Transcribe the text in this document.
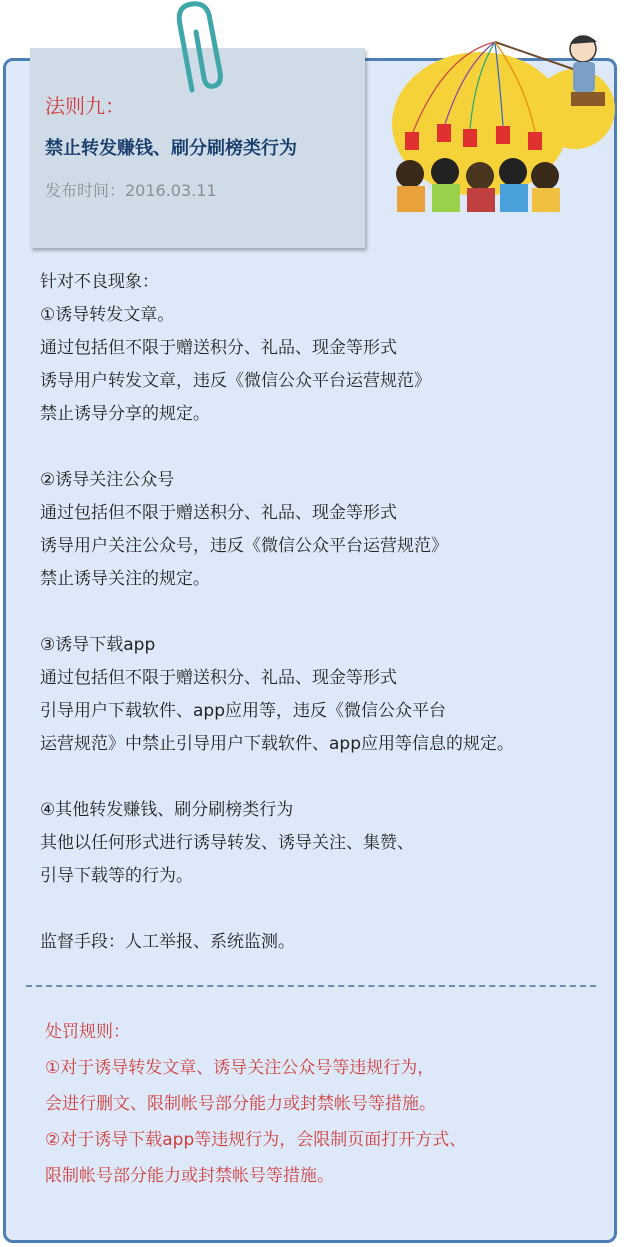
法则九：
禁止转发赚钱、刷分刷榜类行为
发布时间：2016.03.11
针对不良现象：
①诱导转发文章。
通过包括但不限于赠送积分、礼品、现金等形式
诱导用户转发文章，违反《微信公众平台运营规范》
禁止诱导分享的规定。
②诱导关注公众号
通过包括但不限于赠送积分、礼品、现金等形式
诱导用户关注公众号，违反《微信公众平台运营规范》
禁止诱导关注的规定。
③诱导下载app
通过包括但不限于赠送积分、礼品、现金等形式
引导用户下载软件、app应用等，违反《微信公众平台
运营规范》中禁止引导用户下载软件、app应用等信息的规定。
④其他转发赚钱、刷分刷榜类行为
其他以任何形式进行诱导转发、诱导关注、集赞、
引导下载等的行为。
监督手段：人工举报、系统监测。
处罚规则：
①对于诱导转发文章、诱导关注公众号等违规行为，
会进行删文、限制帐号部分能力或封禁帐号等措施。
②对于诱导下载app等违规行为，会限制页面打开方式、
限制帐号部分能力或封禁帐号等措施。
